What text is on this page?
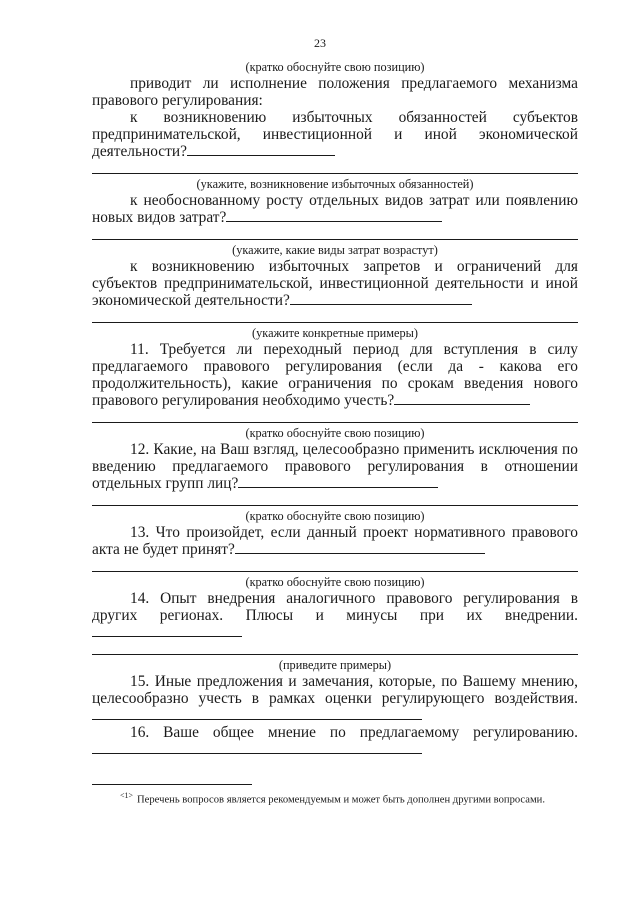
23

(кратко обоснуйте свою позицию)

приводит ли исполнение положения предлагаемого механизма правового регулирования:

к возникновению избыточных обязанностей субъектов предпринимательской, инвестиционной и иной экономической деятельности?

(укажите, возникновение избыточных обязанностей)

к необоснованному росту отдельных видов затрат или появлению новых видов затрат?

(укажите, какие виды затрат возрастут)

к возникновению избыточных запретов и ограничений для субъектов предпринимательской, инвестиционной деятельности и иной экономической деятельности?

(укажите конкретные примеры)

11. Требуется ли переходный период для вступления в силу предлагаемого правового регулирования (если да - какова его продолжительность), какие ограничения по срокам введения нового правового регулирования необходимо учесть?

(кратко обоснуйте свою позицию)

12. Какие, на Ваш взгляд, целесообразно применить исключения по введению предлагаемого правового регулирования в отношении отдельных групп лиц?

(кратко обоснуйте свою позицию)

13. Что произойдет, если данный проект нормативного правового акта не будет принят?

(кратко обоснуйте свою позицию)

14. Опыт внедрения аналогичного правового регулирования в других регионах. Плюсы и минусы при их внедрении.

(приведите примеры)

15. Иные предложения и замечания, которые, по Вашему мнению, целесообразно учесть в рамках оценки регулирующего воздействия.

16. Ваше общее мнение по предлагаемому регулированию.

$^{<1>}$ Перечень вопросов является рекомендуемым и может быть дополнен другими вопросами.
